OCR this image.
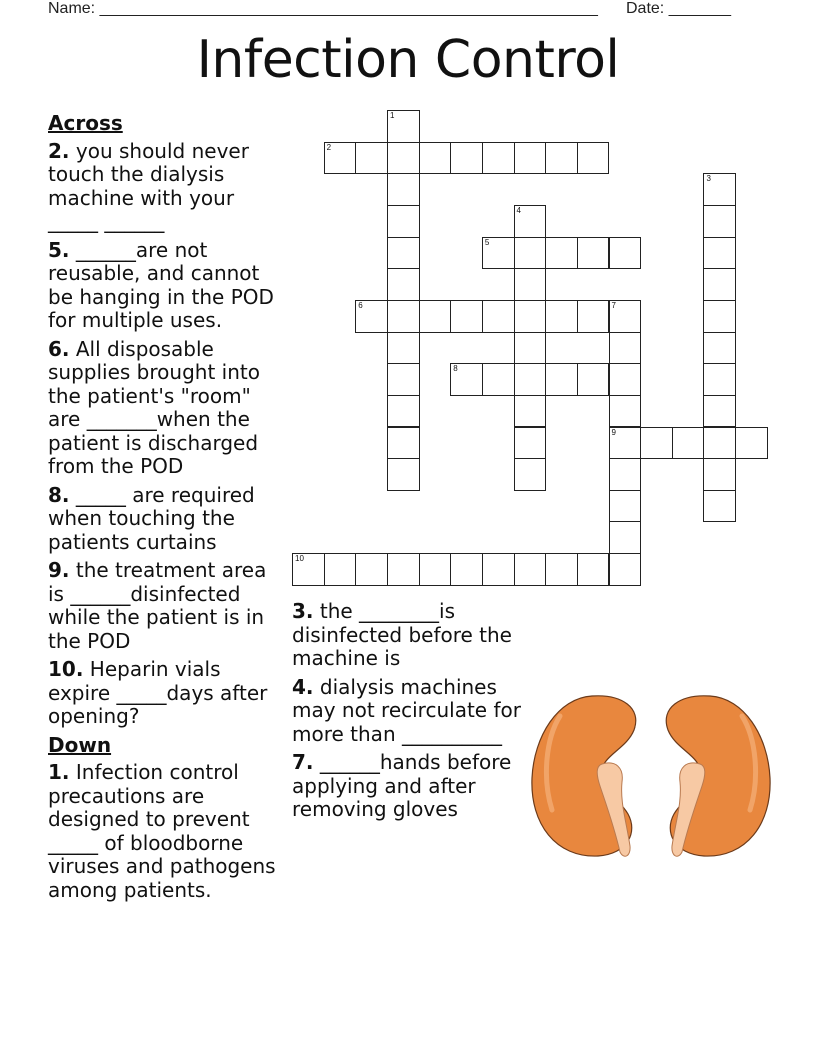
Name: ________________________________________________________ Date: _______
Infection Control
Across
2. you should never touch the dialysis machine with your _____ ______
5. ______are not reusable, and cannot be hanging in the POD for multiple uses.
6. All disposable supplies brought into the patient's "room" are _______when the patient is discharged from the POD
8. _____ are required when touching the patients curtains
9. the treatment area is ______disinfected while the patient is in the POD
10. Heparin vials expire _____days after opening?
Down
1. Infection control precautions are designed to prevent _____ of bloodborne viruses and pathogens among patients.
3. the ________is disinfected before the machine is
4. dialysis machines may not recirculate for more than __________
7. ______hands before applying and after removing gloves
1
2
3
4
5
6	7
9
8
10
